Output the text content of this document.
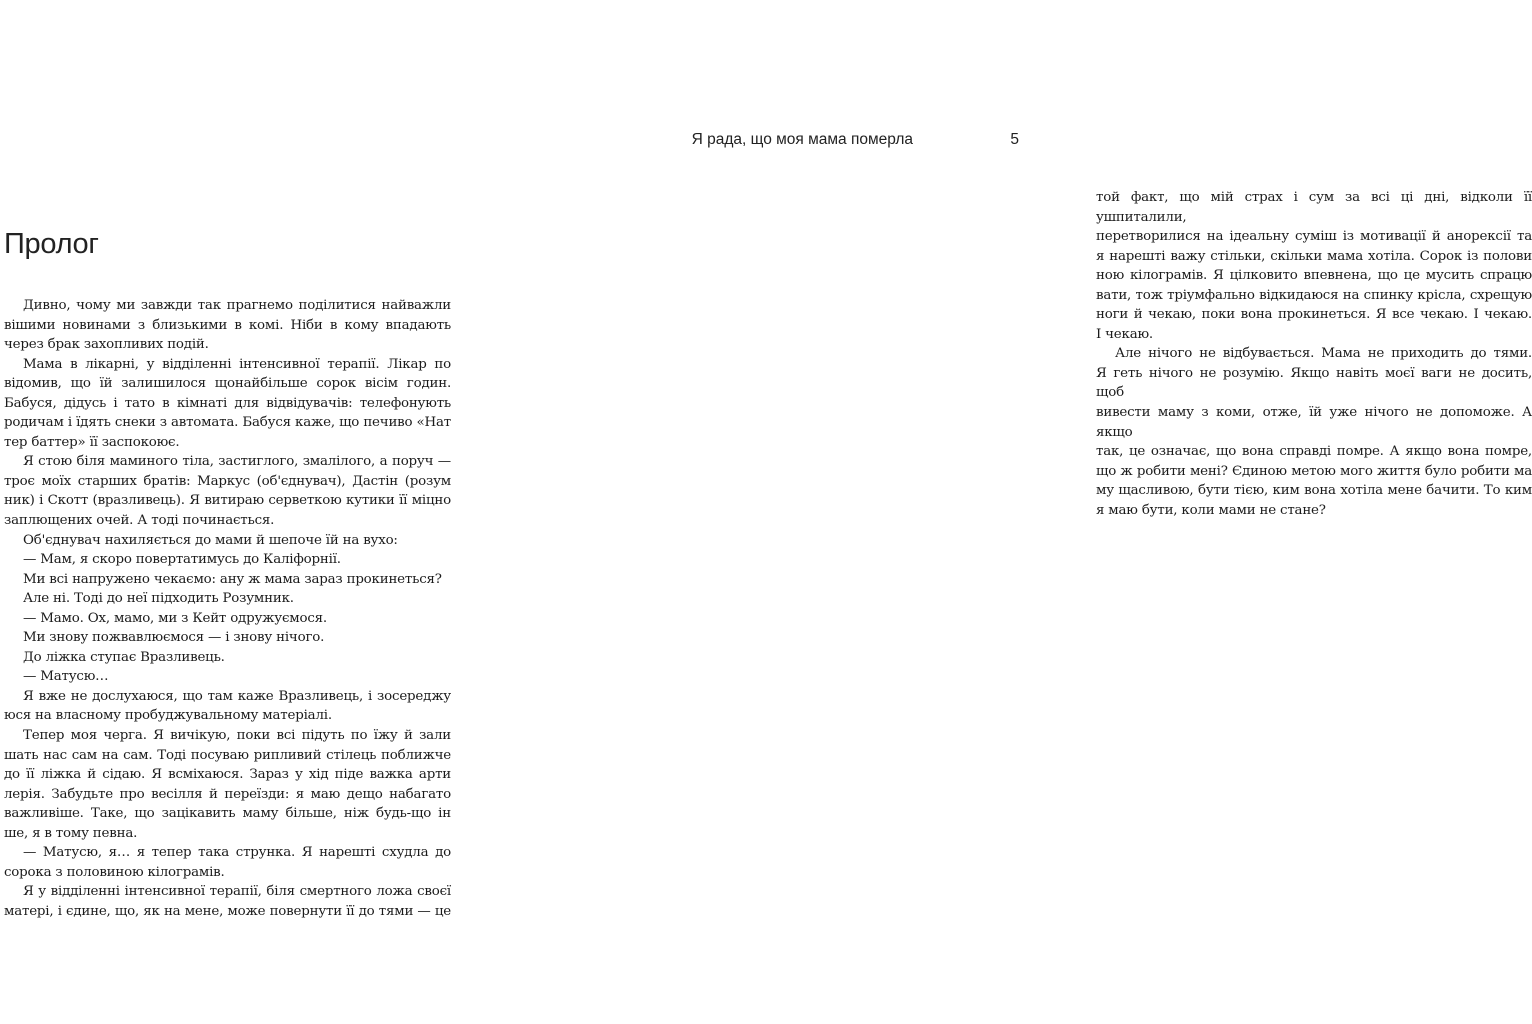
Пролог

Дивно, чому ми завжди так прагнемо поділитися найважли

вішими новинами з близькими в комі. Ніби в кому впадають

через брак захопливих подій.

Мама в лікарні, у відділенні інтенсивної терапії. Лікар по

відомив, що їй залишилося щонайбільше сорок вісім годин.

Бабуся, дідусь і тато в кімнаті для відвідувачів: телефонують

родичам і їдять снеки з автомата. Бабуся каже, що печиво «Нат

тер баттер» її заспокоює.

Я стою біля маминого тіла, застиглого, змалілого, а поруч —

троє моїх старших братів: Маркус (об'єднувач), Дастін (розум

ник) і Скотт (вразливець). Я витираю серветкою кутики її міцно

заплющених очей. А тоді починається.

Об'єднувач нахиляється до мами й шепоче їй на вухо:

— Мам, я скоро повертатимусь до Каліфорнії.

Ми всі напружено чекаємо: ану ж мама зараз прокинеться?

Але ні. Тоді до неї підходить Розумник.

— Мамо. Ох, мамо, ми з Кейт одружуємося.

Ми знову пожвавлюємося — і знову нічого.

До ліжка ступає Вразливець.

— Матусю…

Я вже не дослухаюся, що там каже Вразливець, і зосереджу

юся на власному пробуджувальному матеріалі.

Тепер моя черга. Я вичікую, поки всі підуть по їжу й зали

шать нас сам на сам. Тоді посуваю рипливий стілець поближче

до її ліжка й сідаю. Я всміхаюся. Зараз у хід піде важка арти

лерія. Забудьте про весілля й переїзди: я маю дещо набагато

важливіше. Таке, що зацікавить маму більше, ніж будь-що ін

ше, я в тому певна.

— Матусю, я… я тепер така струнка. Я нарешті схудла до

сорока з половиною кілограмів.

Я у відділенні інтенсивної терапії, біля смертного ложа своєї

матері, і єдине, що, як на мене, може повернути її до тями — це

той факт, що мій страх і сум за всі ці дні, відколи її ушпиталили,

перетворилися на ідеальну суміш із мотивації й анорексії та

я нарешті важу стільки, скільки мама хотіла. Сорок із полови

ною кілограмів. Я цілковито впевнена, що це мусить спрацю

вати, тож тріумфально відкидаюся на спинку крісла, схрещую

ноги й чекаю, поки вона прокинеться. Я все чекаю. І чекаю.

І чекаю.

Але нічого не відбувається. Мама не приходить до тями.

Я геть нічого не розумію. Якщо навіть моєї ваги не досить, щоб

вивести маму з коми, отже, їй уже нічого не допоможе. А якщо

так, це означає, що вона справді помре. А якщо вона помре,

що ж робити мені? Єдиною метою мого життя було робити ма

му щасливою, бути тією, ким вона хотіла мене бачити. То ким

я маю бути, коли мами не стане?

Я рада, що моя мама померла	5
